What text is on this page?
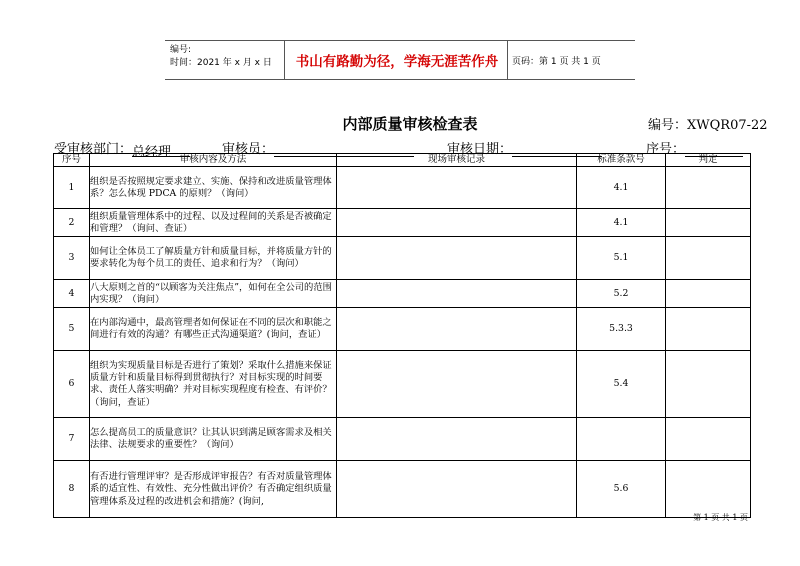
编号:
时间：2021 年 x 月 x 日 书山有路勤为径，学海无涯苦作舟	页码：第 1 页 共 1 页
内部质量审核检查表	编号：XWQR07-22
受审核部门：总经理	审核员：	审核日期：	序号：
序号	审核内容及方法	现场审核记录	标准条款号	判定
1	组织是否按照规定要求建立、实施、保持和改进质量管理体系？怎么体现 PDCA 的原则？（询问）		4.1	
2	组织质量管理体系中的过程、以及过程间的关系是否被确定和管理？（询问、查证）		4.1	
3	如何让全体员工了解质量方针和质量目标，并将质量方针的要求转化为每个员工的责任、追求和行为？（询问）		5.1	
4	八大原则之首的“以顾客为关注焦点”，如何在全公司的范围内实现？（询问）		5.2	
5	在内部沟通中，最高管理者如何保证在不同的层次和职能之间进行有效的沟通？有哪些正式沟通渠道？(询问，查证）		5.3.3	
6	组织为实现质量目标是否进行了策划？采取什么措施来保证质量方针和质量目标得到贯彻执行？对目标实现的时间要求、责任人落实明确？并对目标实现程度有检查、有评价？（询问，查证）		5.4	
7	怎么提高员工的质量意识？让其认识到满足顾客需求及相关法律、法规要求的重要性？（询问）			
8	有否进行管理评审？是否形成评审报告？有否对质量管理体系的适宜性、有效性、充分性做出评价？有否确定组织质量管理体系及过程的改进机会和措施？(询问,		5.6	
第 1 页 共 1 页
